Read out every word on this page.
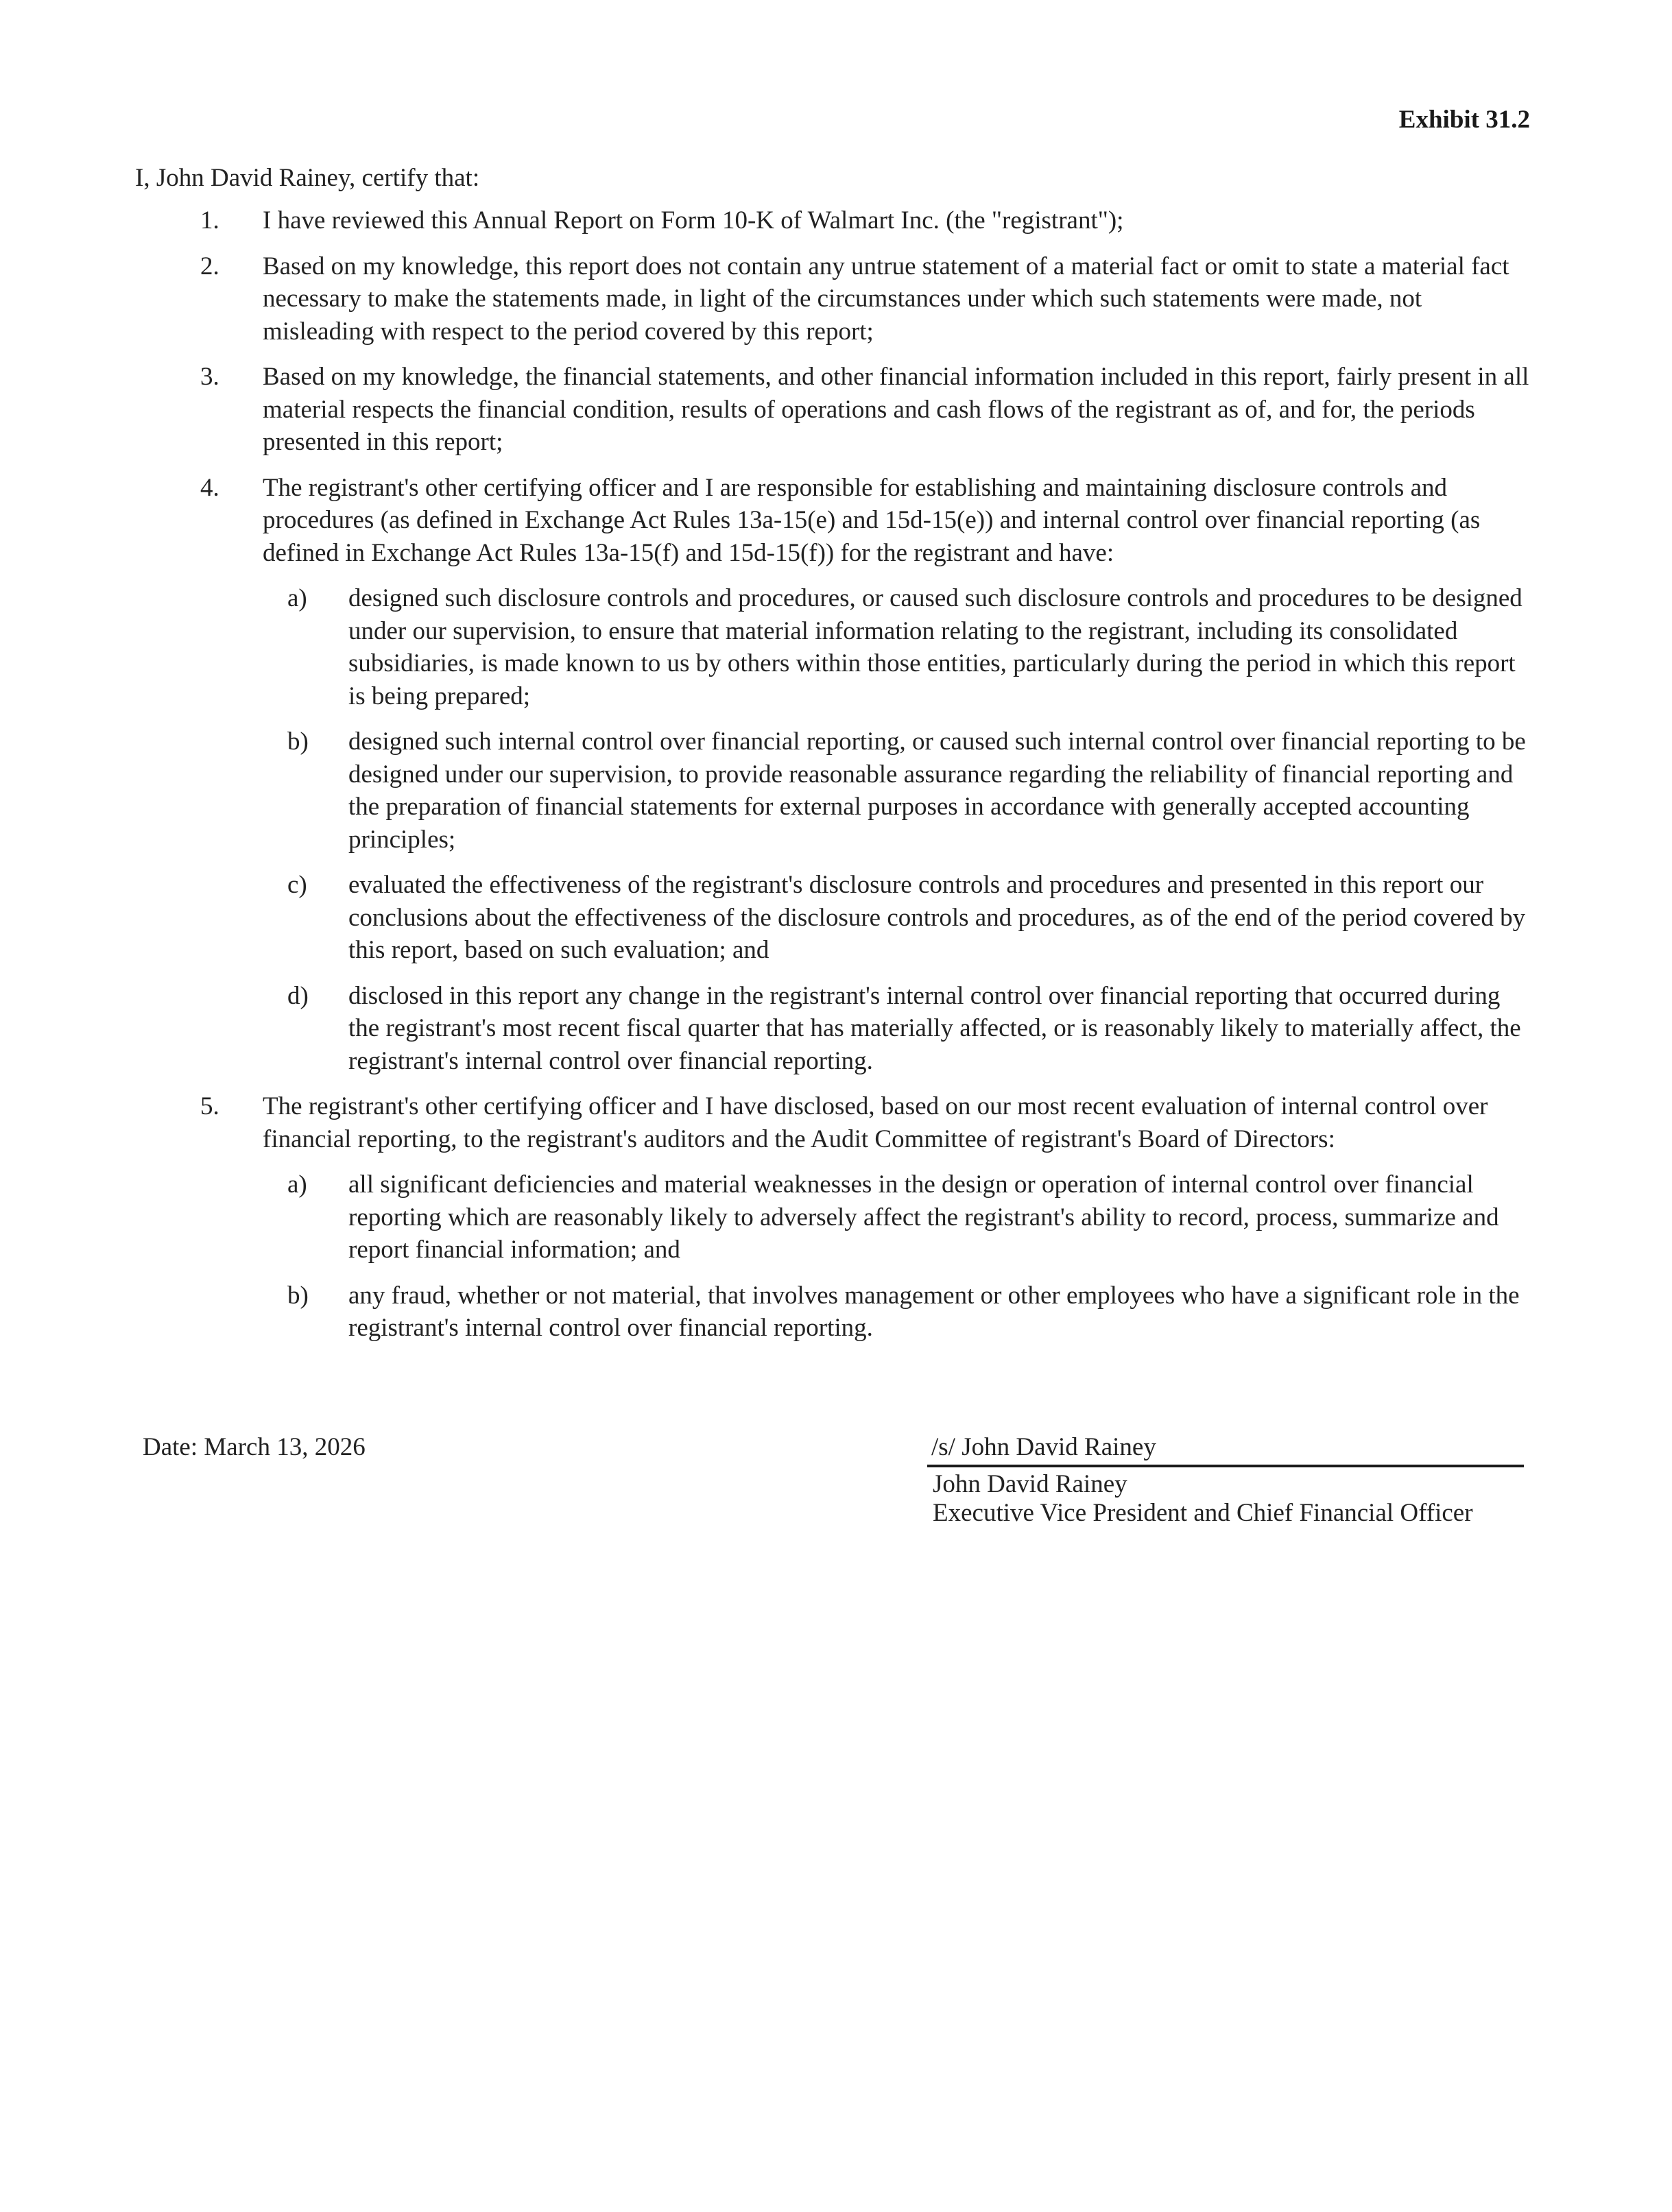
Exhibit 31.2
I, John David Rainey, certify that:
1. I have reviewed this Annual Report on Form 10-K of Walmart Inc. (the "registrant");
2. Based on my knowledge, this report does not contain any untrue statement of a material fact or omit to state a material fact necessary to make the statements made, in light of the circumstances under which such statements were made, not misleading with respect to the period covered by this report;
3. Based on my knowledge, the financial statements, and other financial information included in this report, fairly present in all material respects the financial condition, results of operations and cash flows of the registrant as of, and for, the periods presented in this report;
4. The registrant's other certifying officer and I are responsible for establishing and maintaining disclosure controls and procedures (as defined in Exchange Act Rules 13a-15(e) and 15d-15(e)) and internal control over financial reporting (as defined in Exchange Act Rules 13a-15(f) and 15d-15(f)) for the registrant and have:
a) designed such disclosure controls and procedures, or caused such disclosure controls and procedures to be designed under our supervision, to ensure that material information relating to the registrant, including its consolidated subsidiaries, is made known to us by others within those entities, particularly during the period in which this report is being prepared;
b) designed such internal control over financial reporting, or caused such internal control over financial reporting to be designed under our supervision, to provide reasonable assurance regarding the reliability of financial reporting and the preparation of financial statements for external purposes in accordance with generally accepted accounting principles;
c) evaluated the effectiveness of the registrant's disclosure controls and procedures and presented in this report our conclusions about the effectiveness of the disclosure controls and procedures, as of the end of the period covered by this report, based on such evaluation; and
d) disclosed in this report any change in the registrant's internal control over financial reporting that occurred during the registrant's most recent fiscal quarter that has materially affected, or is reasonably likely to materially affect, the registrant's internal control over financial reporting.
5. The registrant's other certifying officer and I have disclosed, based on our most recent evaluation of internal control over financial reporting, to the registrant's auditors and the Audit Committee of registrant's Board of Directors:
a) all significant deficiencies and material weaknesses in the design or operation of internal control over financial reporting which are reasonably likely to adversely affect the registrant's ability to record, process, summarize and report financial information; and
b) any fraud, whether or not material, that involves management or other employees who have a significant role in the registrant's internal control over financial reporting.
Date: March 13, 2026	/s/ John David Rainey
John David Rainey
Executive Vice President and Chief Financial Officer
